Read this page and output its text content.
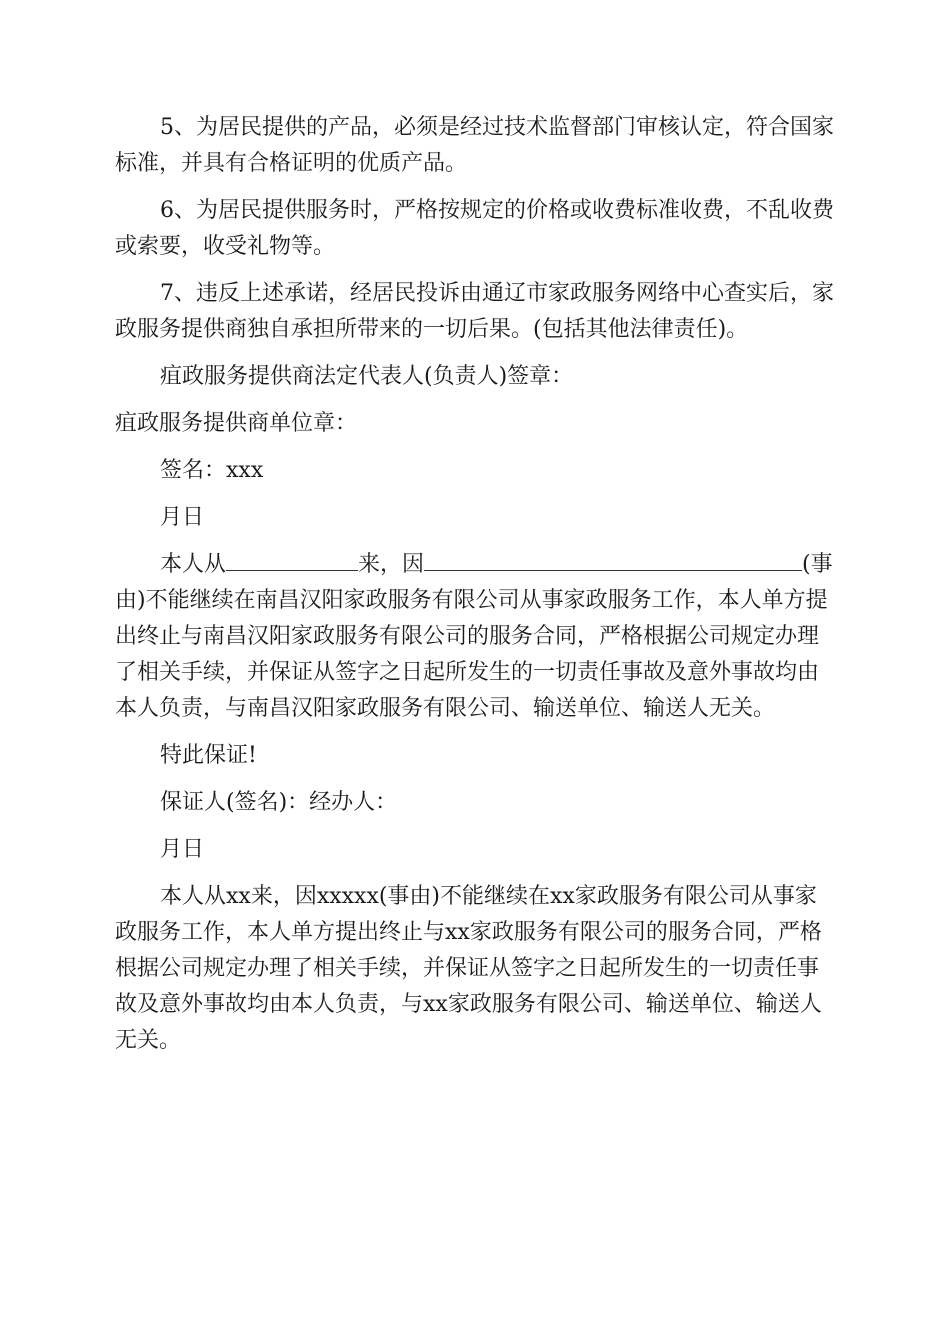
5、为居民提供的产品，必须是经过技术监督部门审核认定，符合国家标准，并具有合格证明的优质产品。

6、为居民提供服务时，严格按规定的价格或收费标准收费，不乱收费或索要，收受礼物等。

7、违反上述承诺，经居民投诉由通辽市家政服务网络中心查实后，家政服务提供商独自承担所带来的一切后果。(包括其他法律责任)。

疽政服务提供商法定代表人(负责人)签章：

疽政服务提供商单位章：

签名：xxx

月日

本人从	来，因	(事由)不能继续在南昌汉阳家政服务有限公司从事家政服务工作，本人单方提出终止与南昌汉阳家政服务有限公司的服务合同，严格根据公司规定办理了相关手续，并保证从签字之日起所发生的一切责任事故及意外事故均由本人负责，与南昌汉阳家政服务有限公司、输送单位、输送人无关。

特此保证!

保证人(签名)：经办人：

月日

本人从xx来，因xxxxx(事由)不能继续在xx家政服务有限公司从事家政服务工作，本人单方提出终止与xx家政服务有限公司的服务合同，严格根据公司规定办理了相关手续，并保证从签字之日起所发生的一切责任事故及意外事故均由本人负责，与xx家政服务有限公司、输送单位、输送人无关。
